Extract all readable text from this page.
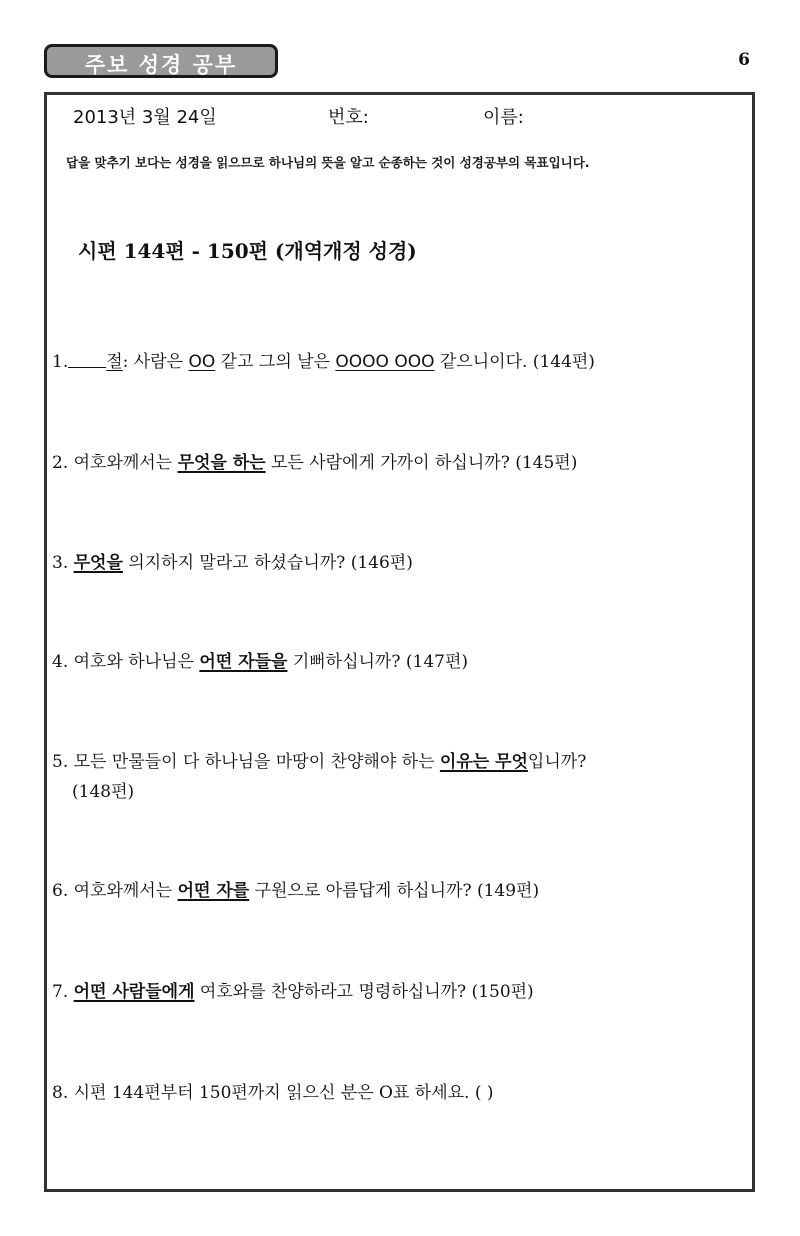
주보 성경 공부	6
2013년 3월 24일	번호:	이름:
답을 맞추기 보다는 성경을 읽으므로 하나님의 뜻을 알고 순종하는 것이 성경공부의 목표입니다.
시편 144편 - 150편 (개역개정 성경)
1. 절: 사람은 OO 같고 그의 날은 OOOO OOO 같으니이다. (144편)
2. 여호와께서는 무엇을 하는 모든 사람에게 가까이 하십니까? (145편)
3. 무엇을 의지하지 말라고 하셨습니까? (146편)
4. 여호와 하나님은 어떤 자들을 기뻐하십니까? (147편)
5. 모든 만물들이 다 하나님을 마땅이 찬양해야 하는 이유는 무엇입니까?
(148편)
6. 여호와께서는 어떤 자를 구원으로 아름답게 하십니까? (149편)
7. 어떤 사람들에게 여호와를 찬양하라고 명령하십니까? (150편)
8. 시편 144편부터 150편까지 읽으신 분은 O표 하세요. ( )
